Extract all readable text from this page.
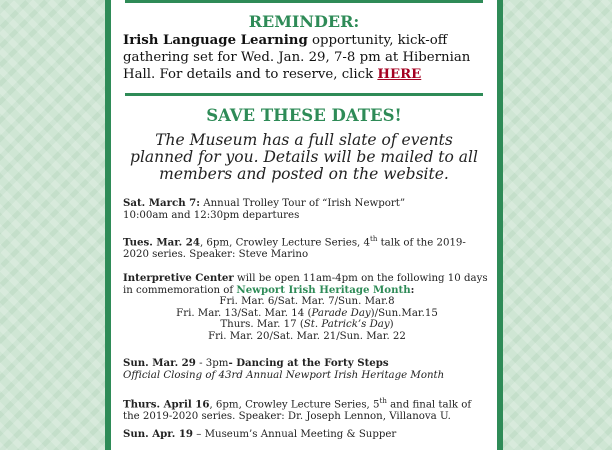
REMINDER:
Irish Language Learning opportunity, kick-off gathering set for Wed. Jan. 29, 7-8 pm at Hibernian Hall. For details and to reserve, click HERE
SAVE THESE DATES!
The Museum has a full slate of events planned for you. Details will be mailed to all members and posted on the website.
Sat. March 7: Annual Trolley Tour of “Irish Newport”
10:00am and 12:30pm departures
Tues. Mar. 24, 6pm, Crowley Lecture Series, 4th talk of the 2019-2020 series. Speaker: Steve Marino
Interpretive Center will be open 11am-4pm on the following 10 days in commemoration of Newport Irish Heritage Month:
Fri. Mar. 6/Sat. Mar. 7/Sun. Mar.8
Fri. Mar. 13/Sat. Mar. 14 (Parade Day)/Sun.Mar.15
Thurs. Mar. 17 (St. Patrick’s Day)
Fri. Mar. 20/Sat. Mar. 21/Sun. Mar. 22
Sun. Mar. 29 - 3pm- Dancing at the Forty Steps
Official Closing of 43rd Annual Newport Irish Heritage Month
Thurs. April 16, 6pm, Crowley Lecture Series, 5th and final talk of the 2019-2020 series. Speaker: Dr. Joseph Lennon, Villanova U.
Sun. Apr. 19 – Museum’s Annual Meeting & Supper
